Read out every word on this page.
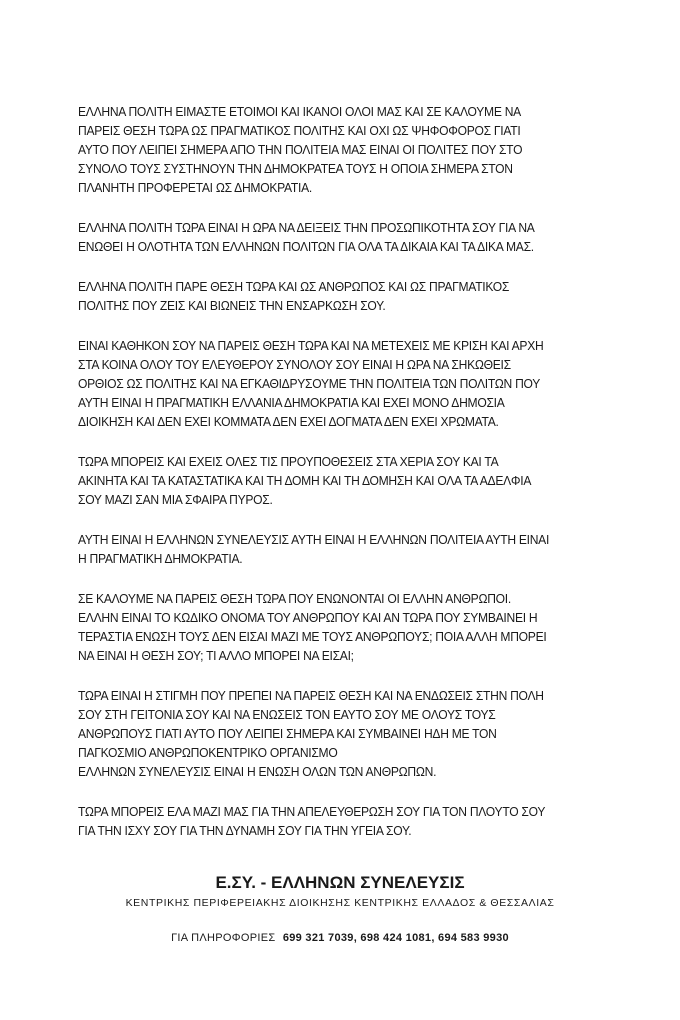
ΕΛΛΗΝΑ ΠΟΛΙΤΗ ΕΙΜΑΣΤΕ ΕΤΟΙΜΟΙ ΚΑΙ ΙΚΑΝΟΙ ΟΛΟΙ ΜΑΣ ΚΑΙ ΣΕ ΚΑΛΟΥΜΕ ΝΑ
ΠΑΡΕΙΣ ΘΕΣΗ ΤΩΡΑ ΩΣ ΠΡΑΓΜΑΤΙΚΟΣ ΠΟΛΙΤΗΣ ΚΑΙ ΟΧΙ ΩΣ ΨΗΦΟΦΟΡΟΣ ΓΙΑΤΙ
ΑΥΤΟ ΠΟΥ ΛΕΙΠΕΙ ΣΗΜΕΡΑ ΑΠΟ ΤΗΝ ΠΟΛΙΤΕΙΑ ΜΑΣ ΕΙΝΑΙ ΟΙ ΠΟΛΙΤΕΣ ΠΟΥ ΣΤΟ
ΣΥΝΟΛΟ ΤΟΥΣ ΣΥΣΤΗΝΟΥΝ ΤΗΝ ΔΗΜΟΚΡΑΤΕΑ ΤΟΥΣ Η ΟΠΟΙΑ ΣΗΜΕΡΑ ΣΤΟΝ
ΠΛΑΝΗΤΗ ΠΡΟΦΕΡΕΤΑΙ ΩΣ ΔΗΜΟΚΡΑΤΙΑ.
ΕΛΛΗΝΑ ΠΟΛΙΤΗ ΤΩΡΑ ΕΙΝΑΙ Η ΩΡΑ ΝΑ ΔΕΙΞΕΙΣ ΤΗΝ ΠΡΟΣΩΠΙΚΟΤΗΤΑ ΣΟΥ ΓΙΑ ΝΑ
ΕΝΩΘΕΙ Η ΟΛΟΤΗΤΑ ΤΩΝ ΕΛΛΗΝΩΝ ΠΟΛΙΤΩΝ ΓΙΑ ΟΛΑ ΤΑ ΔΙΚΑΙΑ ΚΑΙ ΤΑ ΔΙΚΑ ΜΑΣ.
ΕΛΛΗΝΑ ΠΟΛΙΤΗ ΠΑΡΕ ΘΕΣΗ ΤΩΡΑ ΚΑΙ ΩΣ ΑΝΘΡΩΠΟΣ ΚΑΙ ΩΣ ΠΡΑΓΜΑΤΙΚΟΣ
ΠΟΛΙΤΗΣ ΠΟΥ ΖΕΙΣ ΚΑΙ ΒΙΩΝΕΙΣ ΤΗΝ ΕΝΣΑΡΚΩΣΗ ΣΟΥ.
ΕΙΝΑΙ ΚΑΘΗΚΟΝ ΣΟΥ ΝΑ ΠΑΡΕΙΣ ΘΕΣΗ ΤΩΡΑ ΚΑΙ ΝΑ ΜΕΤΕΧΕΙΣ ΜΕ ΚΡΙΣΗ ΚΑΙ ΑΡΧΗ
ΣΤΑ ΚΟΙΝΑ ΟΛΟΥ ΤΟΥ ΕΛΕΥΘΕΡΟΥ ΣΥΝΟΛΟΥ ΣΟΥ ΕΙΝΑΙ Η ΩΡΑ ΝΑ ΣΗΚΩΘΕΙΣ
ΟΡΘΙΟΣ ΩΣ ΠΟΛΙΤΗΣ ΚΑΙ ΝΑ ΕΓΚΑΘΙΔΡΥΣΟΥΜΕ ΤΗΝ ΠΟΛΙΤΕΙΑ ΤΩΝ ΠΟΛΙΤΩΝ ΠΟΥ
ΑΥΤΗ ΕΙΝΑΙ Η ΠΡΑΓΜΑΤΙΚΗ ΕΛΛΑΝΙΑ ΔΗΜΟΚΡΑΤΙΑ ΚΑΙ ΕΧΕΙ ΜΟΝΟ ΔΗΜΟΣΙΑ
ΔΙΟΙΚΗΣΗ ΚΑΙ ΔΕΝ ΕΧΕΙ ΚΟΜΜΑΤΑ ΔΕΝ ΕΧΕΙ ΔΟΓΜΑΤΑ ΔΕΝ ΕΧΕΙ ΧΡΩΜΑΤΑ.
ΤΩΡΑ ΜΠΟΡΕΙΣ ΚΑΙ ΕΧΕΙΣ ΟΛΕΣ ΤΙΣ ΠΡΟΥΠΟΘΕΣΕΙΣ ΣΤΑ ΧΕΡΙΑ ΣΟΥ ΚΑΙ ΤΑ
ΑΚΙΝΗΤΑ ΚΑΙ ΤΑ ΚΑΤΑΣΤΑΤΙΚΑ ΚΑΙ ΤΗ ΔΟΜΗ ΚΑΙ ΤΗ ΔΟΜΗΣΗ ΚΑΙ ΟΛΑ ΤΑ ΑΔΕΛΦΙΑ
ΣΟΥ ΜΑΖΙ ΣΑΝ ΜΙΑ ΣΦΑΙΡΑ ΠΥΡΟΣ.
ΑΥΤΗ ΕΙΝΑΙ Η ΕΛΛΗΝΩΝ ΣΥΝΕΛΕΥΣΙΣ ΑΥΤΗ ΕΙΝΑΙ Η ΕΛΛΗΝΩΝ ΠΟΛΙΤΕΙΑ ΑΥΤΗ ΕΙΝΑΙ
Η ΠΡΑΓΜΑΤΙΚΗ ΔΗΜΟΚΡΑΤΙΑ.
ΣΕ ΚΑΛΟΥΜΕ ΝΑ ΠΑΡΕΙΣ ΘΕΣΗ ΤΩΡΑ ΠΟΥ ΕΝΩΝΟΝΤΑΙ ΟΙ ΕΛΛΗΝ ΑΝΘΡΩΠΟΙ.
ΕΛΛΗΝ ΕΙΝΑΙ ΤΟ ΚΩΔΙΚΟ ΟΝΟΜΑ ΤΟΥ ΑΝΘΡΩΠΟΥ ΚΑΙ ΑΝ ΤΩΡΑ ΠΟΥ ΣΥΜΒΑΙΝΕΙ Η
ΤΕΡΑΣΤΙΑ ΕΝΩΣΗ ΤΟΥΣ ΔΕΝ ΕΙΣΑΙ ΜΑΖΙ ΜΕ ΤΟΥΣ ΑΝΘΡΩΠΟΥΣ; ΠΟΙΑ ΑΛΛΗ ΜΠΟΡΕΙ
ΝΑ ΕΙΝΑΙ Η ΘΕΣΗ ΣΟΥ; ΤΙ ΑΛΛΟ ΜΠΟΡΕΙ ΝΑ ΕΙΣΑΙ;
ΤΩΡΑ ΕΙΝΑΙ Η ΣΤΙΓΜΗ ΠΟΥ ΠΡΕΠΕΙ ΝΑ ΠΑΡΕΙΣ ΘΕΣΗ ΚΑΙ ΝΑ ΕΝΔΩΣΕΙΣ ΣΤΗΝ ΠΟΛΗ
ΣΟΥ ΣΤΗ ΓΕΙΤΟΝΙΑ ΣΟΥ ΚΑΙ ΝΑ ΕΝΩΣΕΙΣ ΤΟΝ ΕΑΥΤΟ ΣΟΥ ΜΕ ΟΛΟΥΣ ΤΟΥΣ
ΑΝΘΡΩΠΟΥΣ ΓΙΑΤΙ ΑΥΤΟ ΠΟΥ ΛΕΙΠΕΙ ΣΗΜΕΡΑ ΚΑΙ ΣΥΜΒΑΙΝΕΙ ΗΔΗ ΜΕ ΤΟΝ
ΠΑΓΚΟΣΜΙΟ ΑΝΘΡΩΠΟΚΕΝΤΡΙΚΟ ΟΡΓΑΝΙΣΜΟ
ΕΛΛΗΝΩΝ ΣΥΝΕΛΕΥΣΙΣ ΕΙΝΑΙ Η ΕΝΩΣΗ ΟΛΩΝ ΤΩΝ ΑΝΘΡΩΠΩΝ.
ΤΩΡΑ ΜΠΟΡΕΙΣ ΕΛΑ ΜΑΖΙ ΜΑΣ ΓΙΑ ΤΗΝ ΑΠΕΛΕΥΘΕΡΩΣΗ ΣΟΥ ΓΙΑ ΤΟΝ ΠΛΟΥΤΟ ΣΟΥ
ΓΙΑ ΤΗΝ ΙΣΧΥ ΣΟΥ ΓΙΑ ΤΗΝ ΔΥΝΑΜΗ ΣΟΥ ΓΙΑ ΤΗΝ ΥΓΕΙΑ ΣΟΥ.
Ε.ΣΥ. - ΕΛΛΗΝΩΝ ΣΥΝΕΛΕΥΣΙΣ
ΚΕΝΤΡΙΚΗΣ ΠΕΡΙΦΕΡΕΙΑΚΗΣ ΔΙΟΙΚΗΣΗΣ ΚΕΝΤΡΙΚΗΣ ΕΛΛΑΔΟΣ & ΘΕΣΣΑΛΙΑΣ
ΓΙΑ ΠΛΗΡΟΦΟΡΙΕΣ 699 321 7039, 698 424 1081, 694 583 9930
